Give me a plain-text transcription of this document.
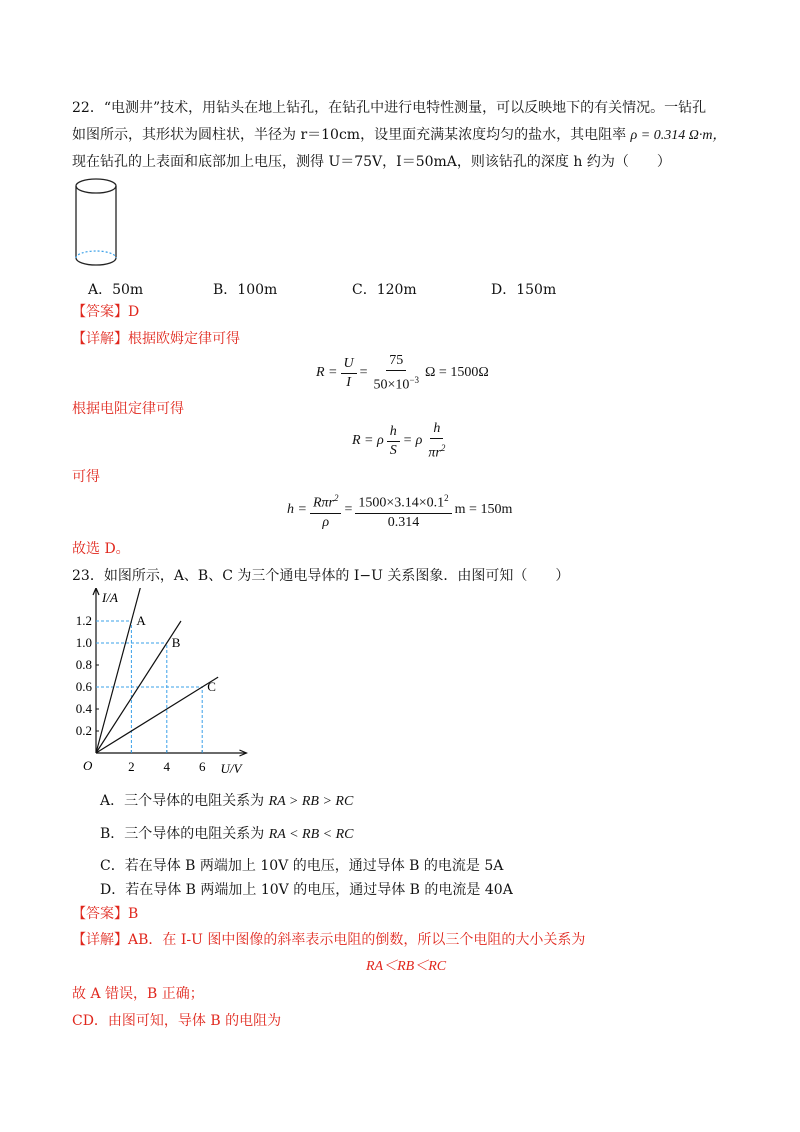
22．“电测井”技术，用钻头在地上钻孔，在钻孔中进行电特性测量，可以反映地下的有关情况。一钻孔
如图所示，其形状为圆柱状，半径为 r＝10cm，设里面充满某浓度均匀的盐水，其电阻率 ρ = 0.314 Ω·m，
现在钻孔的上表面和底部加上电压，测得 U＝75V，I＝50mA，则该钻孔的深度 h 约为（　　）
A．50m	B．100m	C．120m	D．150m
【答案】D
【详解】根据欧姆定律可得
$R = \frac{U}{I} = \frac{75}{50\times 10^{-3}}$ Ω = 1500Ω
根据电阻定律可得
R = ρ $\frac{h}{S} = \rho \frac{h}{\pi r^2}$
可得
$h = \frac{R\pi r^2}{\rho} = \frac{1500\times 3.14\times 0.1^2}{0.314}$ m = 150m
故选 D。
23．如图所示，A、B、C 为三个通电导体的 I−U 关系图象．由图可知（　　）
I/A
U/V
O
0.2
0.4
0.6
0.8
1.0
1.2
2 4 6
A
B
C
A．三个导体的电阻关系为 RA > RB > RC
B．三个导体的电阻关系为 RA < RB < RC
C．若在导体 B 两端加上 10V 的电压，通过导体 B 的电流是 5A
D．若在导体 B 两端加上 10V 的电压，通过导体 B 的电流是 40A
【答案】B
【详解】AB．在 I-U 图中图像的斜率表示电阻的倒数，所以三个电阻的大小关系为
RA＜RB＜RC
故 A 错误，B 正确；
CD．由图可知，导体 B 的电阻为
